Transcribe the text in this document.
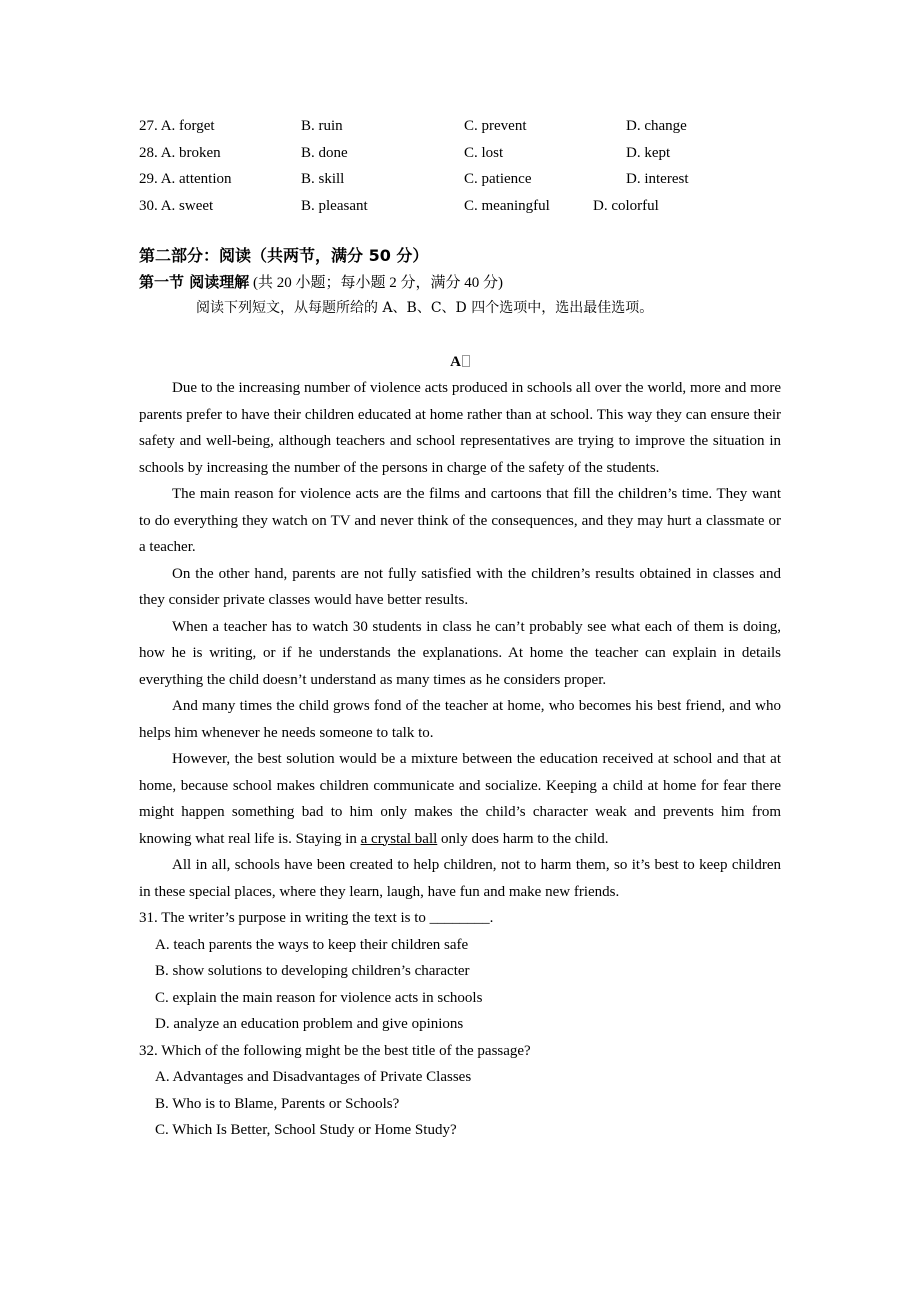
27. A. forget	B. ruin	C. prevent	D. change
28. A. broken	B. done	C. lost	D. kept
29. A. attention	B. skill	C. patience	D. interest
30. A. sweet	B. pleasant	C. meaningful	D. colorful
第二部分：阅读（共两节，满分 50 分）
第一节 阅读理解 (共 20 小题；每小题 2 分，满分 40 分)
阅读下列短文，从每题所给的 A、B、C、D 四个选项中，选出最佳选项。
A

Due to the increasing number of violence acts produced in schools all over the world, more and more parents prefer to have their children educated at home rather than at school. This way they can ensure their safety and well-being, although teachers and school representatives are trying to improve the situation in schools by increasing the number of the persons in charge of the safety of the students.

The main reason for violence acts are the films and cartoons that fill the children’s time. They want to do everything they watch on TV and never think of the consequences, and they may hurt a classmate or a teacher.

On the other hand, parents are not fully satisfied with the children’s results obtained in classes and they consider private classes would have better results.

When a teacher has to watch 30 students in class he can’t probably see what each of them is doing, how he is writing, or if he understands the explanations. At home the teacher can explain in details everything the child doesn’t understand as many times as he considers proper.

And many times the child grows fond of the teacher at home, who becomes his best friend, and who helps him whenever he needs someone to talk to.

However, the best solution would be a mixture between the education received at school and that at home, because school makes children communicate and socialize. Keeping a child at home for fear there might happen something bad to him only makes the child’s character weak and prevents him from knowing what real life is. Staying in a crystal ball only does harm to the child.

All in all, schools have been created to help children, not to harm them, so it’s best to keep children in these special places, where they learn, laugh, have fun and make new friends.

31. The writer’s purpose in writing the text is to ________.

A. teach parents the ways to keep their children safe

B. show solutions to developing children’s character

C. explain the main reason for violence acts in schools

D. analyze an education problem and give opinions

32. Which of the following might be the best title of the passage?

A. Advantages and Disadvantages of Private Classes

B. Who is to Blame, Parents or Schools?

C. Which Is Better, School Study or Home Study?
